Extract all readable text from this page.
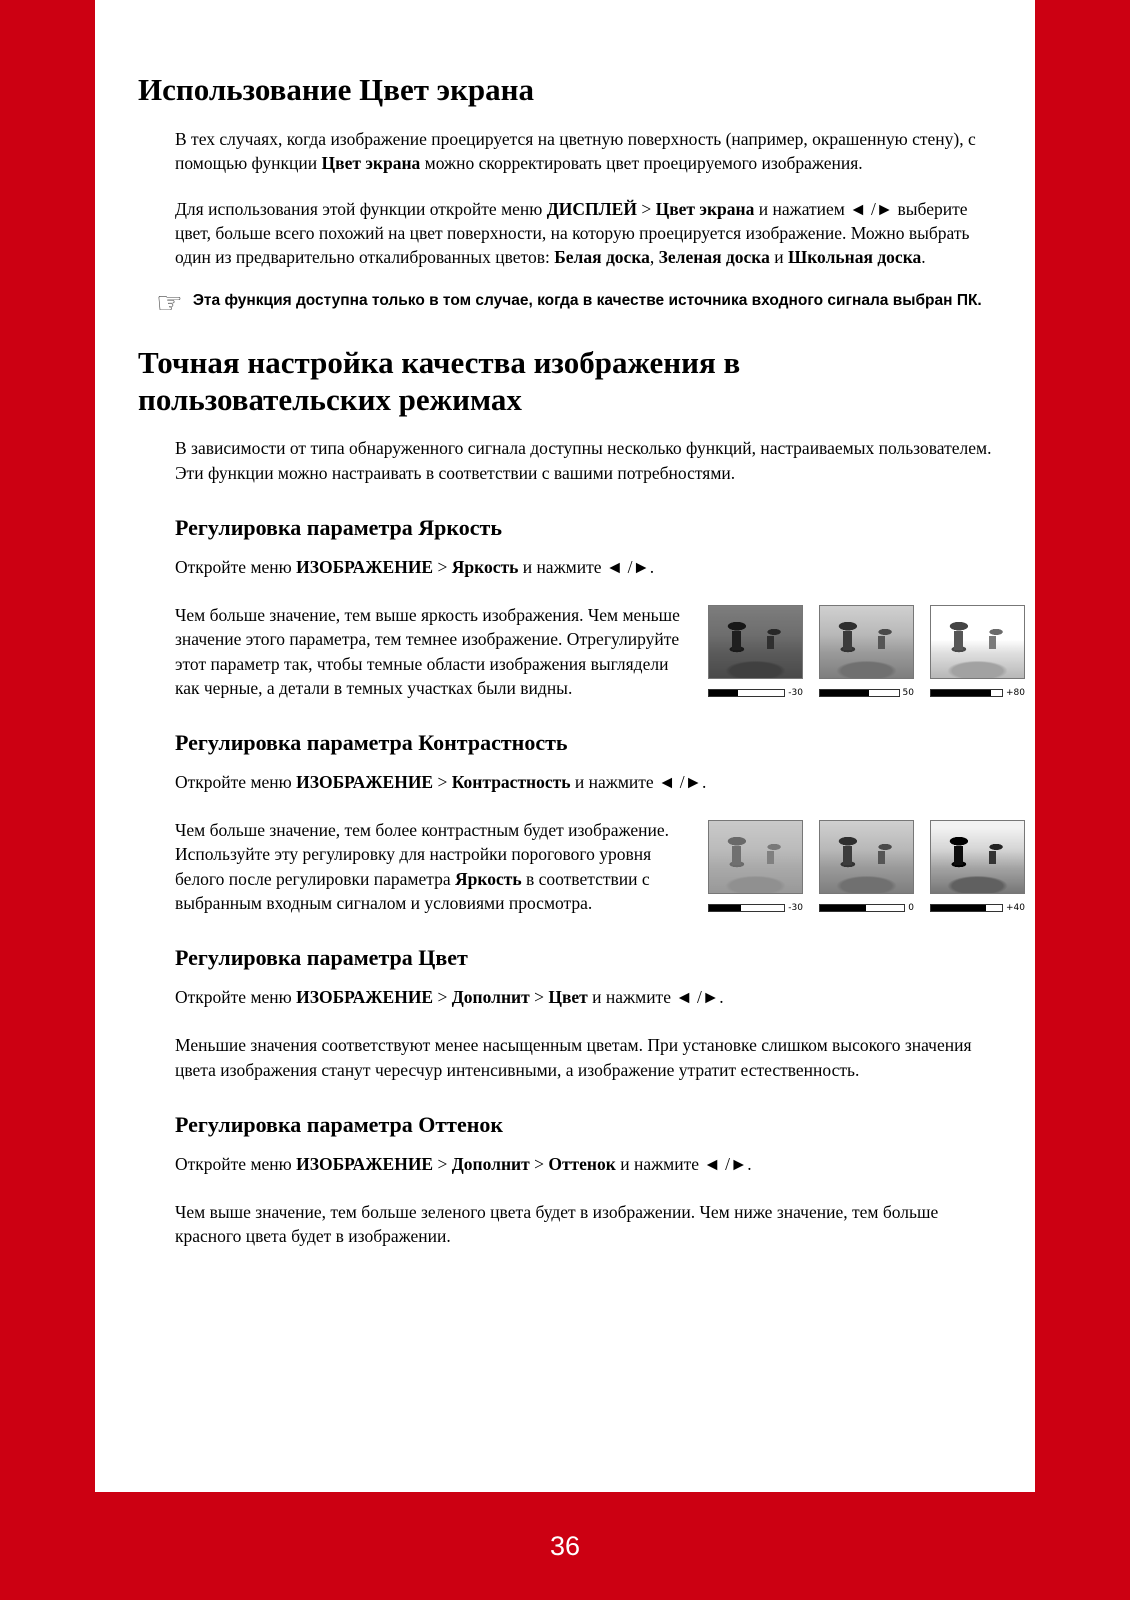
Использование Цвет экрана

В тех случаях, когда изображение проецируется на цветную поверхность (например, окрашенную стену), с помощью функции Цвет экрана можно скорректировать цвет проецируемого изображения.

Для использования этой функции откройте меню ДИСПЛЕЙ > Цвет экрана и нажатием ◄ /► выберите цвет, больше всего похожий на цвет поверхности, на которую проецируется изображение. Можно выбрать один из предварительно откалиброванных цветов: Белая доска, Зеленая доска и Школьная доска.

☞ Эта функция доступна только в том случае, когда в качестве источника входного сигнала выбран ПК.

Точная настройка качества изображения в пользовательских режимах

В зависимости от типа обнаруженного сигнала доступны несколько функций, настраиваемых пользователем. Эти функции можно настраивать в соответствии с вашими потребностями.

Регулировка параметра Яркость

Откройте меню ИЗОБРАЖЕНИЕ > Яркость и нажмите ◄ /►.

Чем больше значение, тем выше яркость изображения. Чем меньше значение этого параметра, тем темнее изображение. Отрегулируйте этот параметр так, чтобы темные области изображения выглядели как черные, а детали в темных участках были видны.	-30	50	+80
Регулировка параметра Контрастность

Откройте меню ИЗОБРАЖЕНИЕ > Контрастность и нажмите ◄ /►.

Чем больше значение, тем более контрастным будет изображение. Используйте эту регулировку для настройки порогового уровня белого после регулировки параметра Яркость в соответствии с выбранным входным сигналом и условиями просмотра.	-30	0	+40
Регулировка параметра Цвет

Откройте меню ИЗОБРАЖЕНИЕ > Дополнит > Цвет и нажмите ◄ /►.

Меньшие значения соответствуют менее насыщенным цветам. При установке слишком высокого значения цвета изображения станут чересчур интенсивными, а изображение утратит естественность.

Регулировка параметра Оттенок

Откройте меню ИЗОБРАЖЕНИЕ > Дополнит > Оттенок и нажмите ◄ /►.

Чем выше значение, тем больше зеленого цвета будет в изображении. Чем ниже значение, тем больше красного цвета будет в изображении.

36
